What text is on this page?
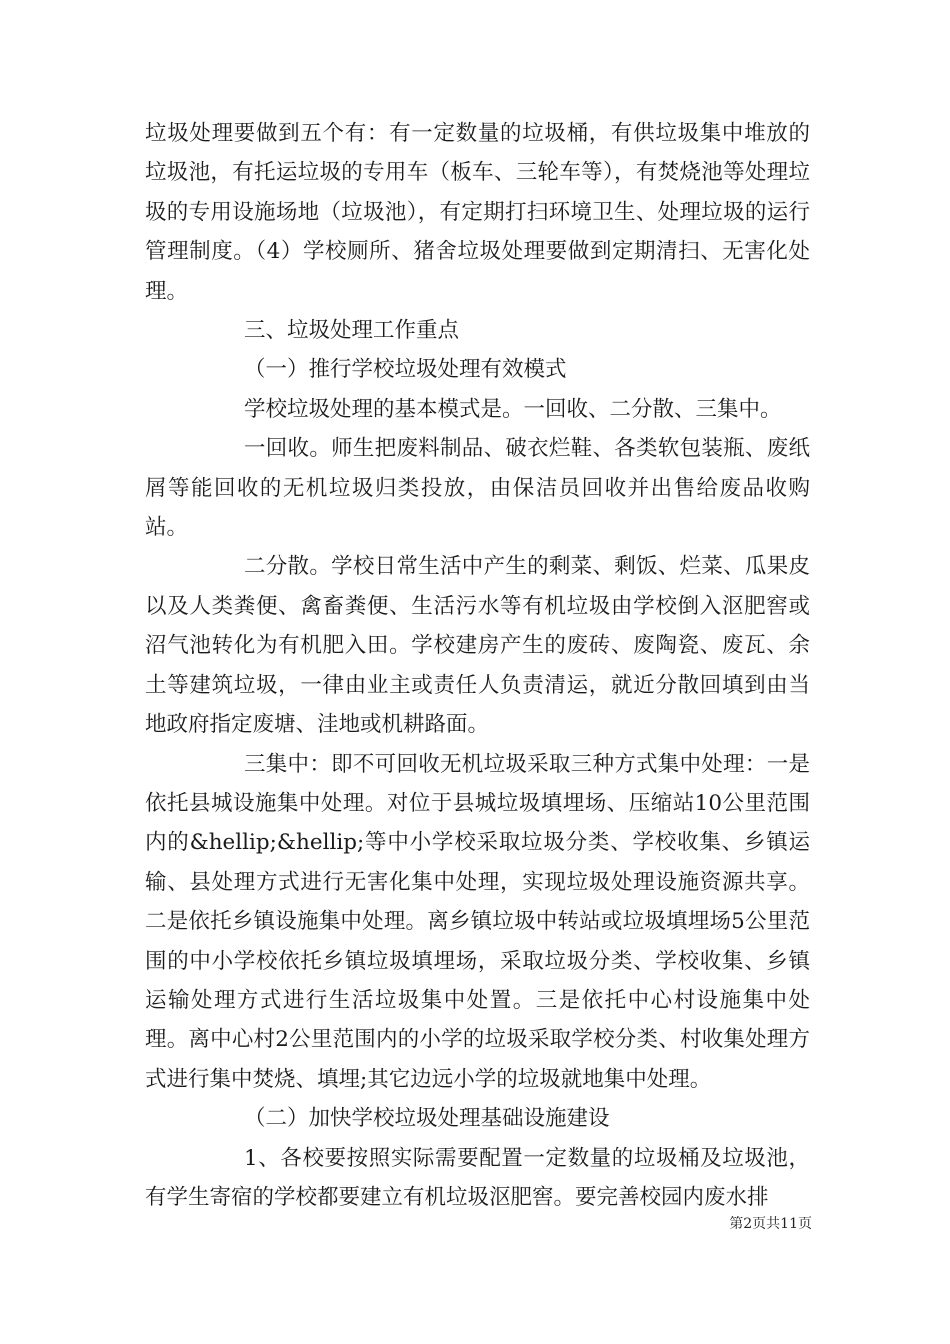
垃圾处理要做到五个有：有一定数量的垃圾桶，有供垃圾集中堆放的垃圾池，有托运垃圾的专用车（板车、三轮车等），有焚烧池等处理垃圾的专用设施场地（垃圾池），有定期打扫环境卫生、处理垃圾的运行管理制度。（4）学校厕所、猪舍垃圾处理要做到定期清扫、无害化处理。

三、垃圾处理工作重点

（一）推行学校垃圾处理有效模式

学校垃圾处理的基本模式是。一回收、二分散、三集中。

一回收。师生把废料制品、破衣烂鞋、各类软包装瓶、废纸屑等能回收的无机垃圾归类投放，由保洁员回收并出售给废品收购站。

二分散。学校日常生活中产生的剩菜、剩饭、烂菜、瓜果皮以及人类粪便、禽畜粪便、生活污水等有机垃圾由学校倒入沤肥窖或沼气池转化为有机肥入田。学校建房产生的废砖、废陶瓷、废瓦、余土等建筑垃圾，一律由业主或责任人负责清运，就近分散回填到由当地政府指定废塘、洼地或机耕路面。

三集中：即不可回收无机垃圾采取三种方式集中处理：一是依托县城设施集中处理。对位于县城垃圾填埋场、压缩站10公里范围内的&hellip;&hellip;等中小学校采取垃圾分类、学校收集、乡镇运输、县处理方式进行无害化集中处理，实现垃圾处理设施资源共享。二是依托乡镇设施集中处理。离乡镇垃圾中转站或垃圾填埋场5公里范围的中小学校依托乡镇垃圾填埋场，采取垃圾分类、学校收集、乡镇运输处理方式进行生活垃圾集中处置。三是依托中心村设施集中处理。离中心村2公里范围内的小学的垃圾采取学校分类、村收集处理方式进行集中焚烧、填埋;其它边远小学的垃圾就地集中处理。

（二）加快学校垃圾处理基础设施建设

1、各校要按照实际需要配置一定数量的垃圾桶及垃圾池，有学生寄宿的学校都要建立有机垃圾沤肥窖。要完善校园内废水排

第2页共11页
